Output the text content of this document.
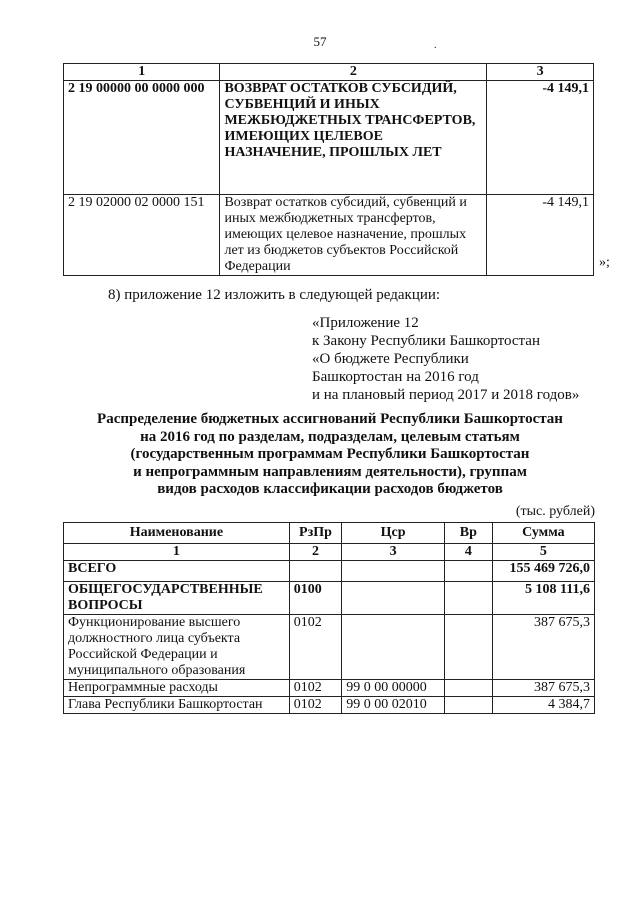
57	.
1	2	3
2 19 00000 00 0000 000	ВОЗВРАТ ОСТАТКОВ СУБСИДИЙ, СУБВЕНЦИЙ И ИНЫХ МЕЖБЮДЖЕТНЫХ ТРАНСФЕРТОВ, ИМЕЮЩИХ ЦЕЛЕВОЕ НАЗНАЧЕНИЕ, ПРОШЛЫХ ЛЕТ	-4 149,1
2 19 02000 02 0000 151	Возврат остатков субсидий, субвенций и иных межбюджетных трансфертов, имеющих целевое назначение, прошлых лет из бюджетов субъектов Российской Федерации	-4 149,1
»;
8) приложение 12 изложить в следующей редакции:
«Приложение 12
к Закону Республики Башкортостан
«О бюджете Республики
Башкортостан на 2016 год
и на плановый период 2017 и 2018 годов»
Распределение бюджетных ассигнований Республики Башкортостан
на 2016 год по разделам, подразделам, целевым статьям
(государственным программам Республики Башкортостан
и непрограммным направлениям деятельности), группам
видов расходов классификации расходов бюджетов
(тыс. рублей)
Наименование	РзПр	Цср	Вр	Сумма
1	2	3	4	5
ВСЕГО				155 469 726,0
ОБЩЕГОСУДАРСТВЕННЫЕ ВОПРОСЫ	0100			5 108 111,6
Функционирование высшего должностного лица субъекта Российской Федерации и муниципального образования	0102			387 675,3
Непрограммные расходы	0102	99 0 00 00000		387 675,3
Глава Республики Башкортостан	0102	99 0 00 02010		4 384,7
